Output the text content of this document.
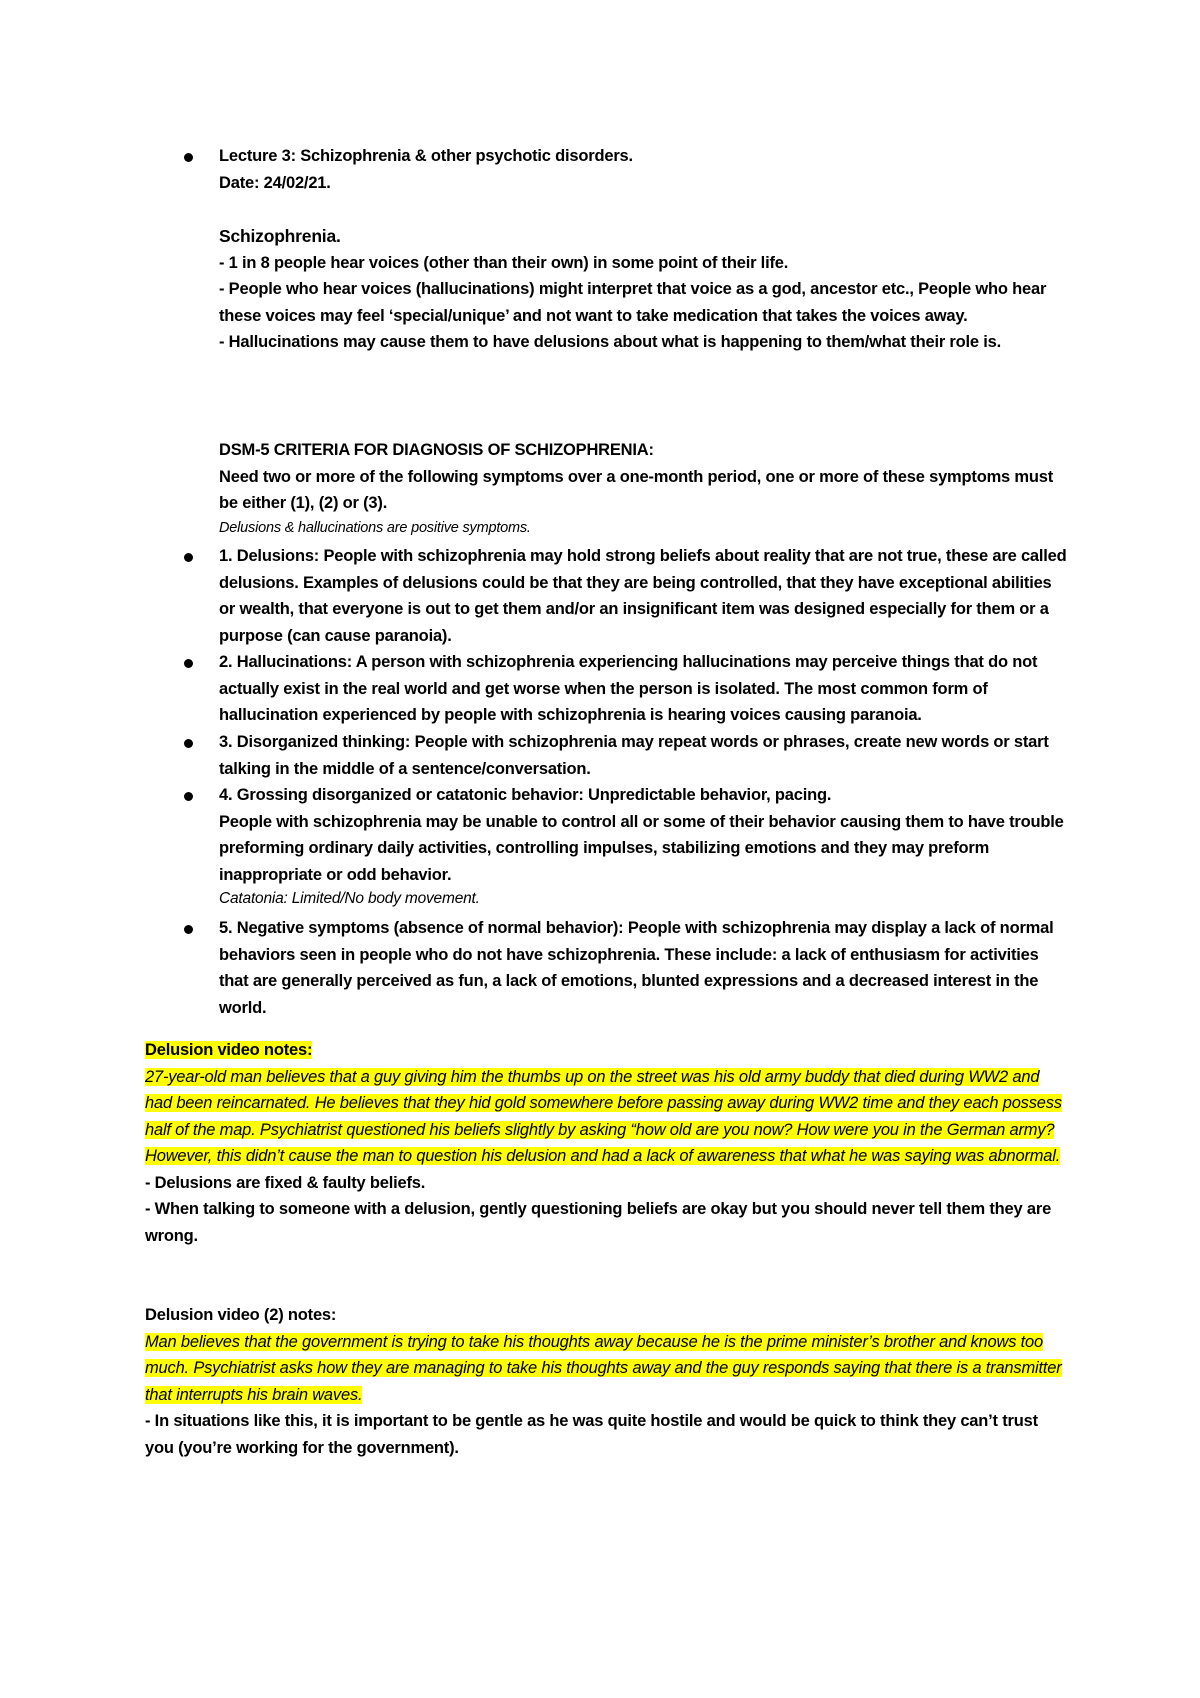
Lecture 3: Schizophrenia & other psychotic disorders.

Date: 24/02/21.

Schizophrenia.

- 1 in 8 people hear voices (other than their own) in some point of their life.

- People who hear voices (hallucinations) might interpret that voice as a god, ancestor etc., People who hear these voices may feel ‘special/unique’ and not want to take medication that takes the voices away.

- Hallucinations may cause them to have delusions about what is happening to them/what their role is.

DSM-5 CRITERIA FOR DIAGNOSIS OF SCHIZOPHRENIA:

Need two or more of the following symptoms over a one-month period, one or more of these symptoms must be either (1), (2) or (3).

Delusions & hallucinations are positive symptoms.

1. Delusions: People with schizophrenia may hold strong beliefs about reality that are not true, these are called delusions. Examples of delusions could be that they are being controlled, that they have exceptional abilities or wealth, that everyone is out to get them and/or an insignificant item was designed especially for them or a purpose (can cause paranoia).

2. Hallucinations: A person with schizophrenia experiencing hallucinations may perceive things that do not actually exist in the real world and get worse when the person is isolated. The most common form of hallucination experienced by people with schizophrenia is hearing voices causing paranoia.

3. Disorganized thinking: People with schizophrenia may repeat words or phrases, create new words or start talking in the middle of a sentence/conversation.

4. Grossing disorganized or catatonic behavior: Unpredictable behavior, pacing.

People with schizophrenia may be unable to control all or some of their behavior causing them to have trouble preforming ordinary daily activities, controlling impulses, stabilizing emotions and they may preform inappropriate or odd behavior.

Catatonia: Limited/No body movement.

5. Negative symptoms (absence of normal behavior): People with schizophrenia may display a lack of normal behaviors seen in people who do not have schizophrenia. These include: a lack of enthusiasm for activities that are generally perceived as fun, a lack of emotions, blunted expressions and a decreased interest in the world.

Delusion video notes:

27-year-old man believes that a guy giving him the thumbs up on the street was his old army buddy that died during WW2 and had been reincarnated. He believes that they hid gold somewhere before passing away during WW2 time and they each possess half of the map. Psychiatrist questioned his beliefs slightly by asking “how old are you now? How were you in the German army? However, this didn’t cause the man to question his delusion and had a lack of awareness that what he was saying was abnormal.

- Delusions are fixed & faulty beliefs.

- When talking to someone with a delusion, gently questioning beliefs are okay but you should never tell them they are wrong.

Delusion video (2) notes:

Man believes that the government is trying to take his thoughts away because he is the prime minister’s brother and knows too much. Psychiatrist asks how they are managing to take his thoughts away and the guy responds saying that there is a transmitter that interrupts his brain waves.

- In situations like this, it is important to be gentle as he was quite hostile and would be quick to think they can’t trust you (you’re working for the government).
